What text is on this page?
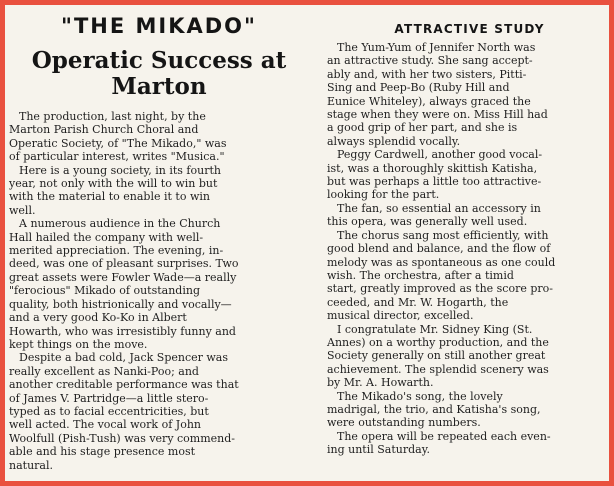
"THE MIKADO"
Operatic Success at
Marton
The production, last night, by the
Marton Parish Church Choral and
Operatic Society, of "The Mikado," was
of particular interest, writes "Musica."
Here is a young society, in its fourth
year, not only with the will to win but
with the material to enable it to win
well.
A numerous audience in the Church
Hall hailed the company with well-
merited appreciation. The evening, in-
deed, was one of pleasant surprises. Two
great assets were Fowler Wade—a really
"ferocious" Mikado of outstanding
quality, both histrionically and vocally—
and a very good Ko-Ko in Albert
Howarth, who was irresistibly funny and
kept things on the move.
Despite a bad cold, Jack Spencer was
really excellent as Nanki-Poo; and
another creditable performance was that
of James V. Partridge—a little stero-
typed as to facial eccentricities, but
well acted. The vocal work of John
Woolfull (Pish-Tush) was very commend-
able and his stage presence most
natural.
ATTRACTIVE STUDY
The Yum-Yum of Jennifer North was
an attractive study. She sang accept-
ably and, with her two sisters, Pitti-
Sing and Peep-Bo (Ruby Hill and
Eunice Whiteley), always graced the
stage when they were on. Miss Hill had
a good grip of her part, and she is
always splendid vocally.
Peggy Cardwell, another good vocal-
ist, was a thoroughly skittish Katisha,
but was perhaps a little too attractive-
looking for the part.
The fan, so essential an accessory in
this opera, was generally well used.
The chorus sang most efficiently, with
good blend and balance, and the flow of
melody was as spontaneous as one could
wish. The orchestra, after a timid
start, greatly improved as the score pro-
ceeded, and Mr. W. Hogarth, the
musical director, excelled.
I congratulate Mr. Sidney King (St.
Annes) on a worthy production, and the
Society generally on still another great
achievement. The splendid scenery was
by Mr. A. Howarth.
The Mikado's song, the lovely
madrigal, the trio, and Katisha's song,
were outstanding numbers.
The opera will be repeated each even-
ing until Saturday.
